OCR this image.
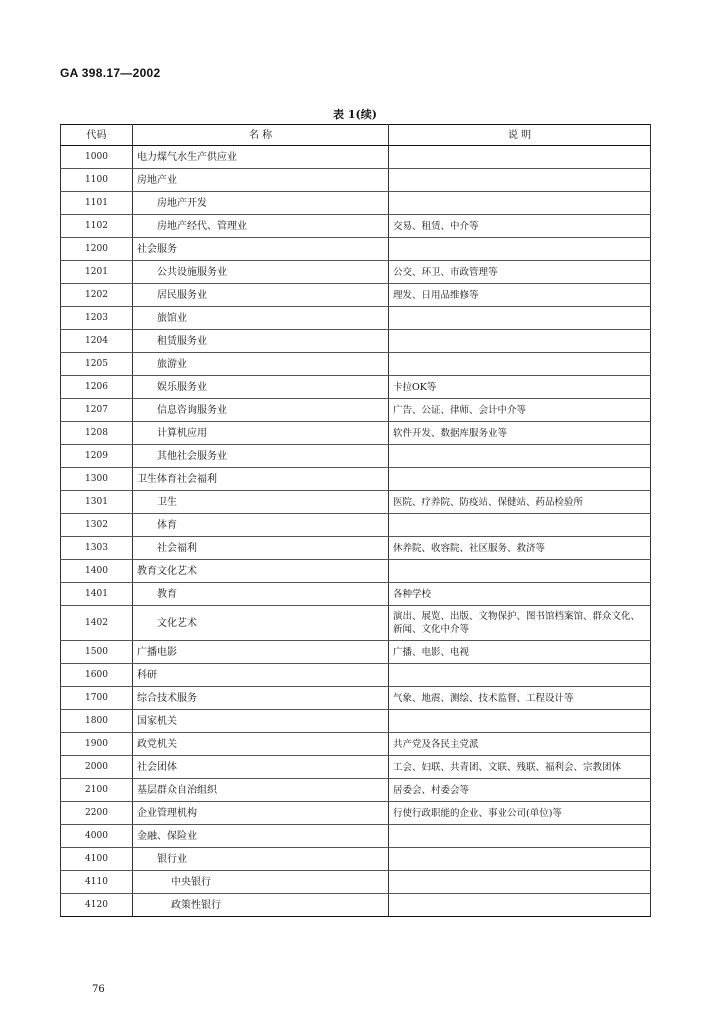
GA 398.17—2002
表 1(续)
代码	名 称	说 明
1000	电力煤气水生产供应业	
1100	房地产业	
1101	房地产开发	
1102	房地产经代、管理业	交易、租赁、中介等
1200	社会服务	
1201	公共设施服务业	公交、环卫、市政管理等
1202	居民服务业	理发、日用品维修等
1203	旅馆业	
1204	租赁服务业	
1205	旅游业	
1206	娱乐服务业	卡拉OK等
1207	信息咨询服务业	广告、公证、律师、会计中介等
1208	计算机应用	软件开发、数据库服务业等
1209	其他社会服务业	
1300	卫生体育社会福利	
1301	卫生	医院、疗养院、防疫站、保健站、药品检验所
1302	体育	
1303	社会福利	休养院、收容院、社区服务、救济等
1400	教育文化艺术	
1401	教育	各种学校
1402	文化艺术	演出、展览、出版、文物保护、图书馆档案馆、群众文化、新闻、文化中介等
1500	广播电影	广播、电影、电视
1600	科研	
1700	综合技术服务	气象、地震、测绘、技术监督、工程设计等
1800	国家机关	
1900	政党机关	共产党及各民主党派
2000	社会团体	工会、妇联、共青团、文联、残联、福利会、宗教团体
2100	基层群众自治组织	居委会、村委会等
2200	企业管理机构	行使行政职能的企业、事业公司(单位)等
4000	金融、保险业	
4100	银行业	
4110	中央银行	
4120	政策性银行	
76
